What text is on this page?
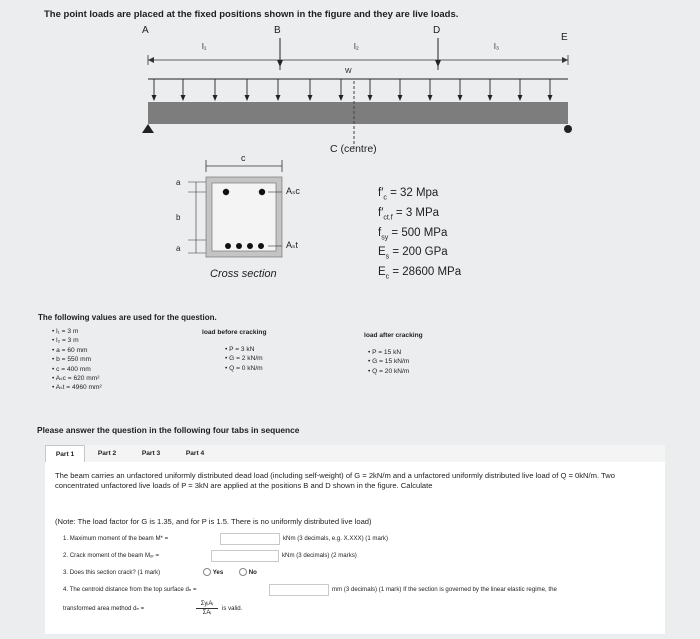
The point loads are placed at the fixed positions shown in the figure and they are live loads.
A	B	D
E
l₁	l₂	l₃
W
C (centre)
c
a
b
a
Aₛc
Aₛt
Cross section
$f'_c = 32$ Mpa
$f'_{ct.f} = 3$ MPa
$f_{sy} = 500$ MPa
$E_s = 200$ GPa
$E_c = 28600$ MPa
The following values are used for the question.
• l₁ = 3 m
• l₂ = 3 m
• a = 60 mm
• b = 550 mm
• c = 400 mm
• Aₛc = 620 mm²
• Aₛt = 4960 mm²
load before cracking
• P = 3 kN
• G = 2 kN/m
• Q = 0 kN/m
load after cracking
• P = 15 kN
• G = 15 kN/m
• Q = 20 kN/m
Please answer the question in the following four tabs in sequence
Part 1	Part 2	Part 3	Part 4
The beam carries an unfactored uniformly distributed dead load (including self-weight) of G = 2kN/m and a unfactored uniformly distributed live load of Q = 0kN/m. Two concentrated unfactored live loads of P = 3kN are applied at the positions B and D shown in the figure. Calculate
(Note: The load factor for G is 1.35, and for P is 1.5. There is no uniformly distributed live load)
1. Maximum moment of the beam M* =	kNm (3 decimals, e.g. X.XXX) (1 mark)
2. Crack moment of the beam Mₒᵣ =	kNm (3 decimals) (2 marks)
3. Does this section crack? (1 mark)	Yes	No
4. The centroid distance from the top surface dₙ =	mm (3 decimals) (1 mark) If the section is governed by the linear elastic regime, the
transformed area method dₙ =
ΣyᵢAᵢ
ΣAᵢ
is valid.
